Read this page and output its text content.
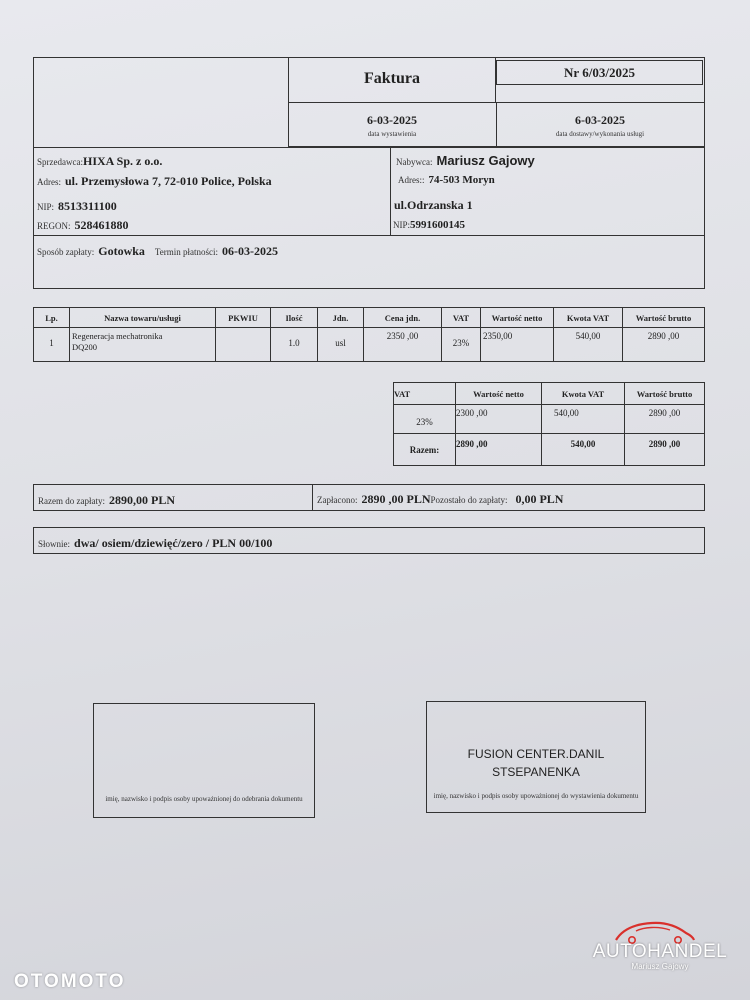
Faktura	Nr 6/03/2025
6-03-2025
data wystawienia
6-03-2025
data dostawy/wykonania usługi
Sprzedawca:HIXA Sp. z o.o.
Adres: ul. Przemysłowa 7, 72-010 Police, Polska
NIP: 8513311100
REGON: 528461880
Nabywca: Mariusz Gajowy
Adres:: 74-503 Moryn
ul.Odrzanska 1
NIP:5991600145
Sposób zapłaty: Gotowka Termin płatności: 06-03-2025
Lp.	Nazwa towaru/usługi	PKWIU	Ilość	Jdn.	Cena jdn.	VAT	Wartość netto	Kwota VAT	Wartość brutto
1	Regeneracja mechatronika
DQ200		1.0	usl	2350 ,00	23%	2350,00	540,00	2890 ,00
VAT	Wartość netto	Kwota VAT	Wartość brutto
23%	2300 ,00	540,00	2890 ,00
Razem:	2890 ,00	540,00	2890 ,00
Razem do zapłaty: 2890,00 PLN	Zapłacono: 2890 ,00 PLNPozostało do zapłaty: 0,00 PLN
Słownie: dwa/ osiem/dziewięć/zero / PLN 00/100
imię, nazwisko i podpis osoby upoważnionej do odebrania dokumentu
FUSION CENTER.DANIL
STSEPANENKA
imię, nazwisko i podpis osoby upoważnionej do wystawienia dokumentu
OTOMOTO
AUTOHANDEL
Mariusz Gajowy
